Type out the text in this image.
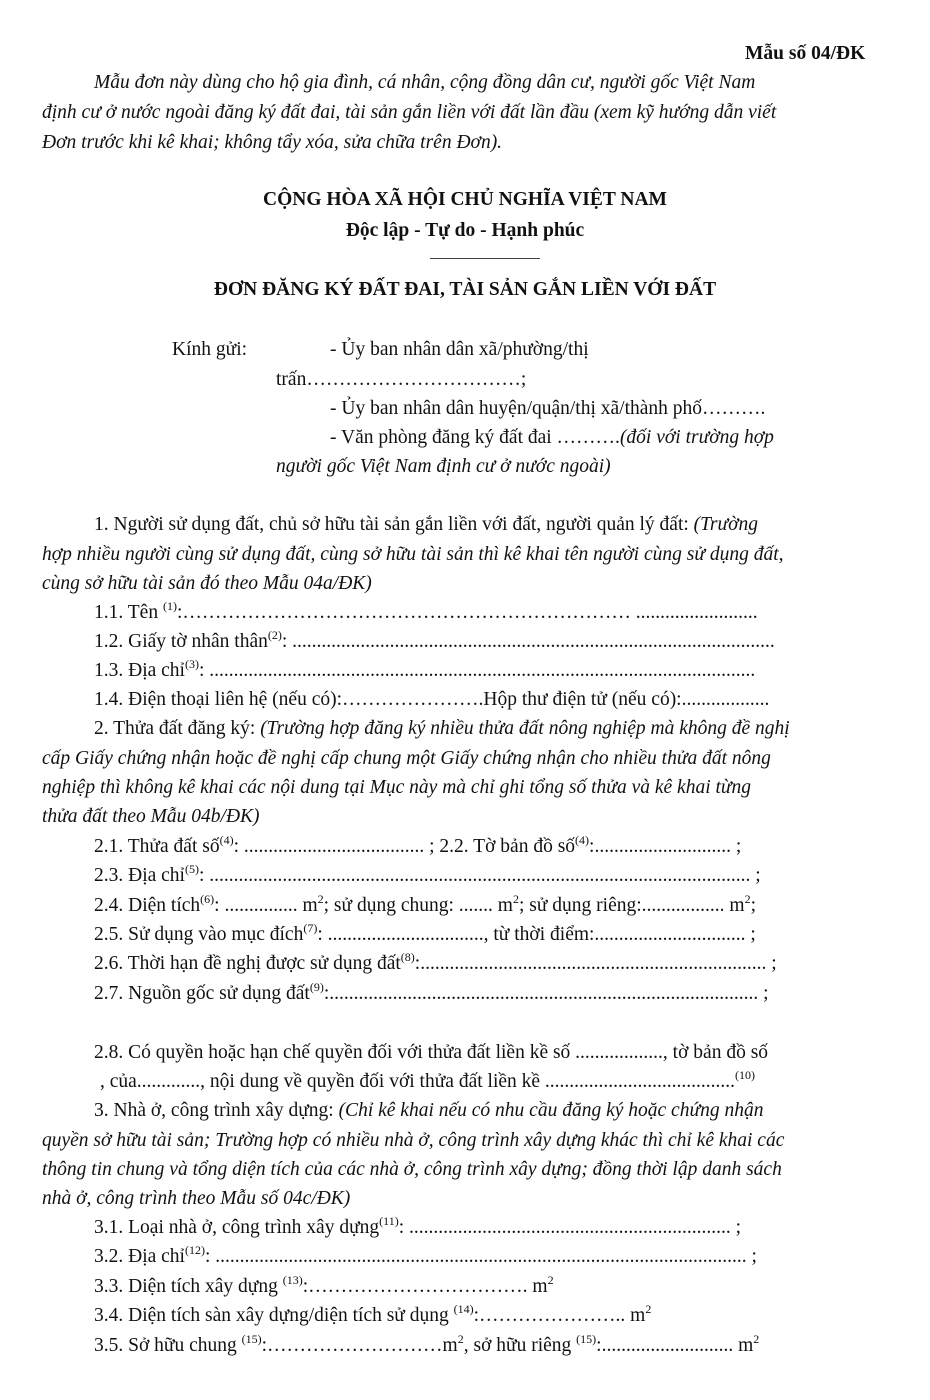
Mẫu số 04/ĐK
Mẫu đơn này dùng cho hộ gia đình, cá nhân, cộng đồng dân cư, người gốc Việt Nam
định cư ở nước ngoài đăng ký đất đai, tài sản gắn liền với đất lần đầu (xem kỹ hướng dẫn viết
Đơn trước khi kê khai; không tẩy xóa, sửa chữa trên Đơn).
CỘNG HÒA XÃ HỘI CHỦ NGHĨA VIỆT NAM
Độc lập - Tự do - Hạnh phúc
ĐƠN ĐĂNG KÝ ĐẤT ĐAI, TÀI SẢN GẮN LIỀN VỚI ĐẤT
Kính gửi:	- Ủy ban nhân dân xã/phường/thị
trấn……………………………;
- Ủy ban nhân dân huyện/quận/thị xã/thành phố……….
- Văn phòng đăng ký đất đai ……….(đối với trường hợp
người gốc Việt Nam định cư ở nước ngoài)
1. Người sử dụng đất, chủ sở hữu tài sản gắn liền với đất, người quản lý đất: (Trường
hợp nhiều người cùng sử dụng đất, cùng sở hữu tài sản thì kê khai tên người cùng sử dụng đất,
cùng sở hữu tài sản đó theo Mẫu 04a/ĐK)
1.1. Tên $^{(1)}$:…………………………………………………………… .........................
1.2. Giấy tờ nhân thân$^{(2)}$: ...................................................................................................
1.3. Địa chỉ$^{(3)}$: ................................................................................................................
1.4. Điện thoại liên hệ (nếu có):………………….Hộp thư điện tử (nếu có):..................
2. Thửa đất đăng ký: (Trường hợp đăng ký nhiều thửa đất nông nghiệp mà không đề nghị
cấp Giấy chứng nhận hoặc đề nghị cấp chung một Giấy chứng nhận cho nhiều thửa đất nông
nghiệp thì không kê khai các nội dung tại Mục này mà chỉ ghi tổng số thửa và kê khai từng
thửa đất theo Mẫu 04b/ĐK)
2.1. Thửa đất số$^{(4)}$: ..................................... ; 2.2. Tờ bản đồ số$^{(4)}$:............................ ;
2.3. Địa chỉ$^{(5)}$: ............................................................................................................... ;
2.4. Diện tích$^{(6)}$: ............... $m^2$; sử dụng chung: ....... $m^2$; sử dụng riêng:................. $m^2$;
2.5. Sử dụng vào mục đích$^{(7)}$: ................................, từ thời điểm:............................... ;
2.6. Thời hạn đề nghị được sử dụng đất$^{(8)}$:....................................................................... ;
2.7. Nguồn gốc sử dụng đất$^{(9)}$:........................................................................................ ;
2.8. Có quyền hoặc hạn chế quyền đối với thửa đất liền kề số .................., tờ bản đồ số
, của............., nội dung về quyền đối với thửa đất liền kề .......................................$^{(10)}$
3. Nhà ở, công trình xây dựng: (Chỉ kê khai nếu có nhu cầu đăng ký hoặc chứng nhận
quyền sở hữu tài sản; Trường hợp có nhiều nhà ở, công trình xây dựng khác thì chỉ kê khai các
thông tin chung và tổng diện tích của các nhà ở, công trình xây dựng; đồng thời lập danh sách
nhà ở, công trình theo Mẫu số 04c/ĐK)
3.1. Loại nhà ở, công trình xây dựng$^{(11)}$: .................................................................. ;
3.2. Địa chỉ$^{(12)}$: ............................................................................................................. ;
3.3. Diện tích xây dựng $^{(13)}$:……………………………. $m^2$
3.4. Diện tích sàn xây dựng/diện tích sử dụng $^{(14)}$:………………….. $m^2$
3.5. Sở hữu chung $^{(15)}:\dots\dots\dots\dots\dots\dots\dots\dots\dots m^2$, sở hữu riêng $^{(15)}$:........................... $m^2$
